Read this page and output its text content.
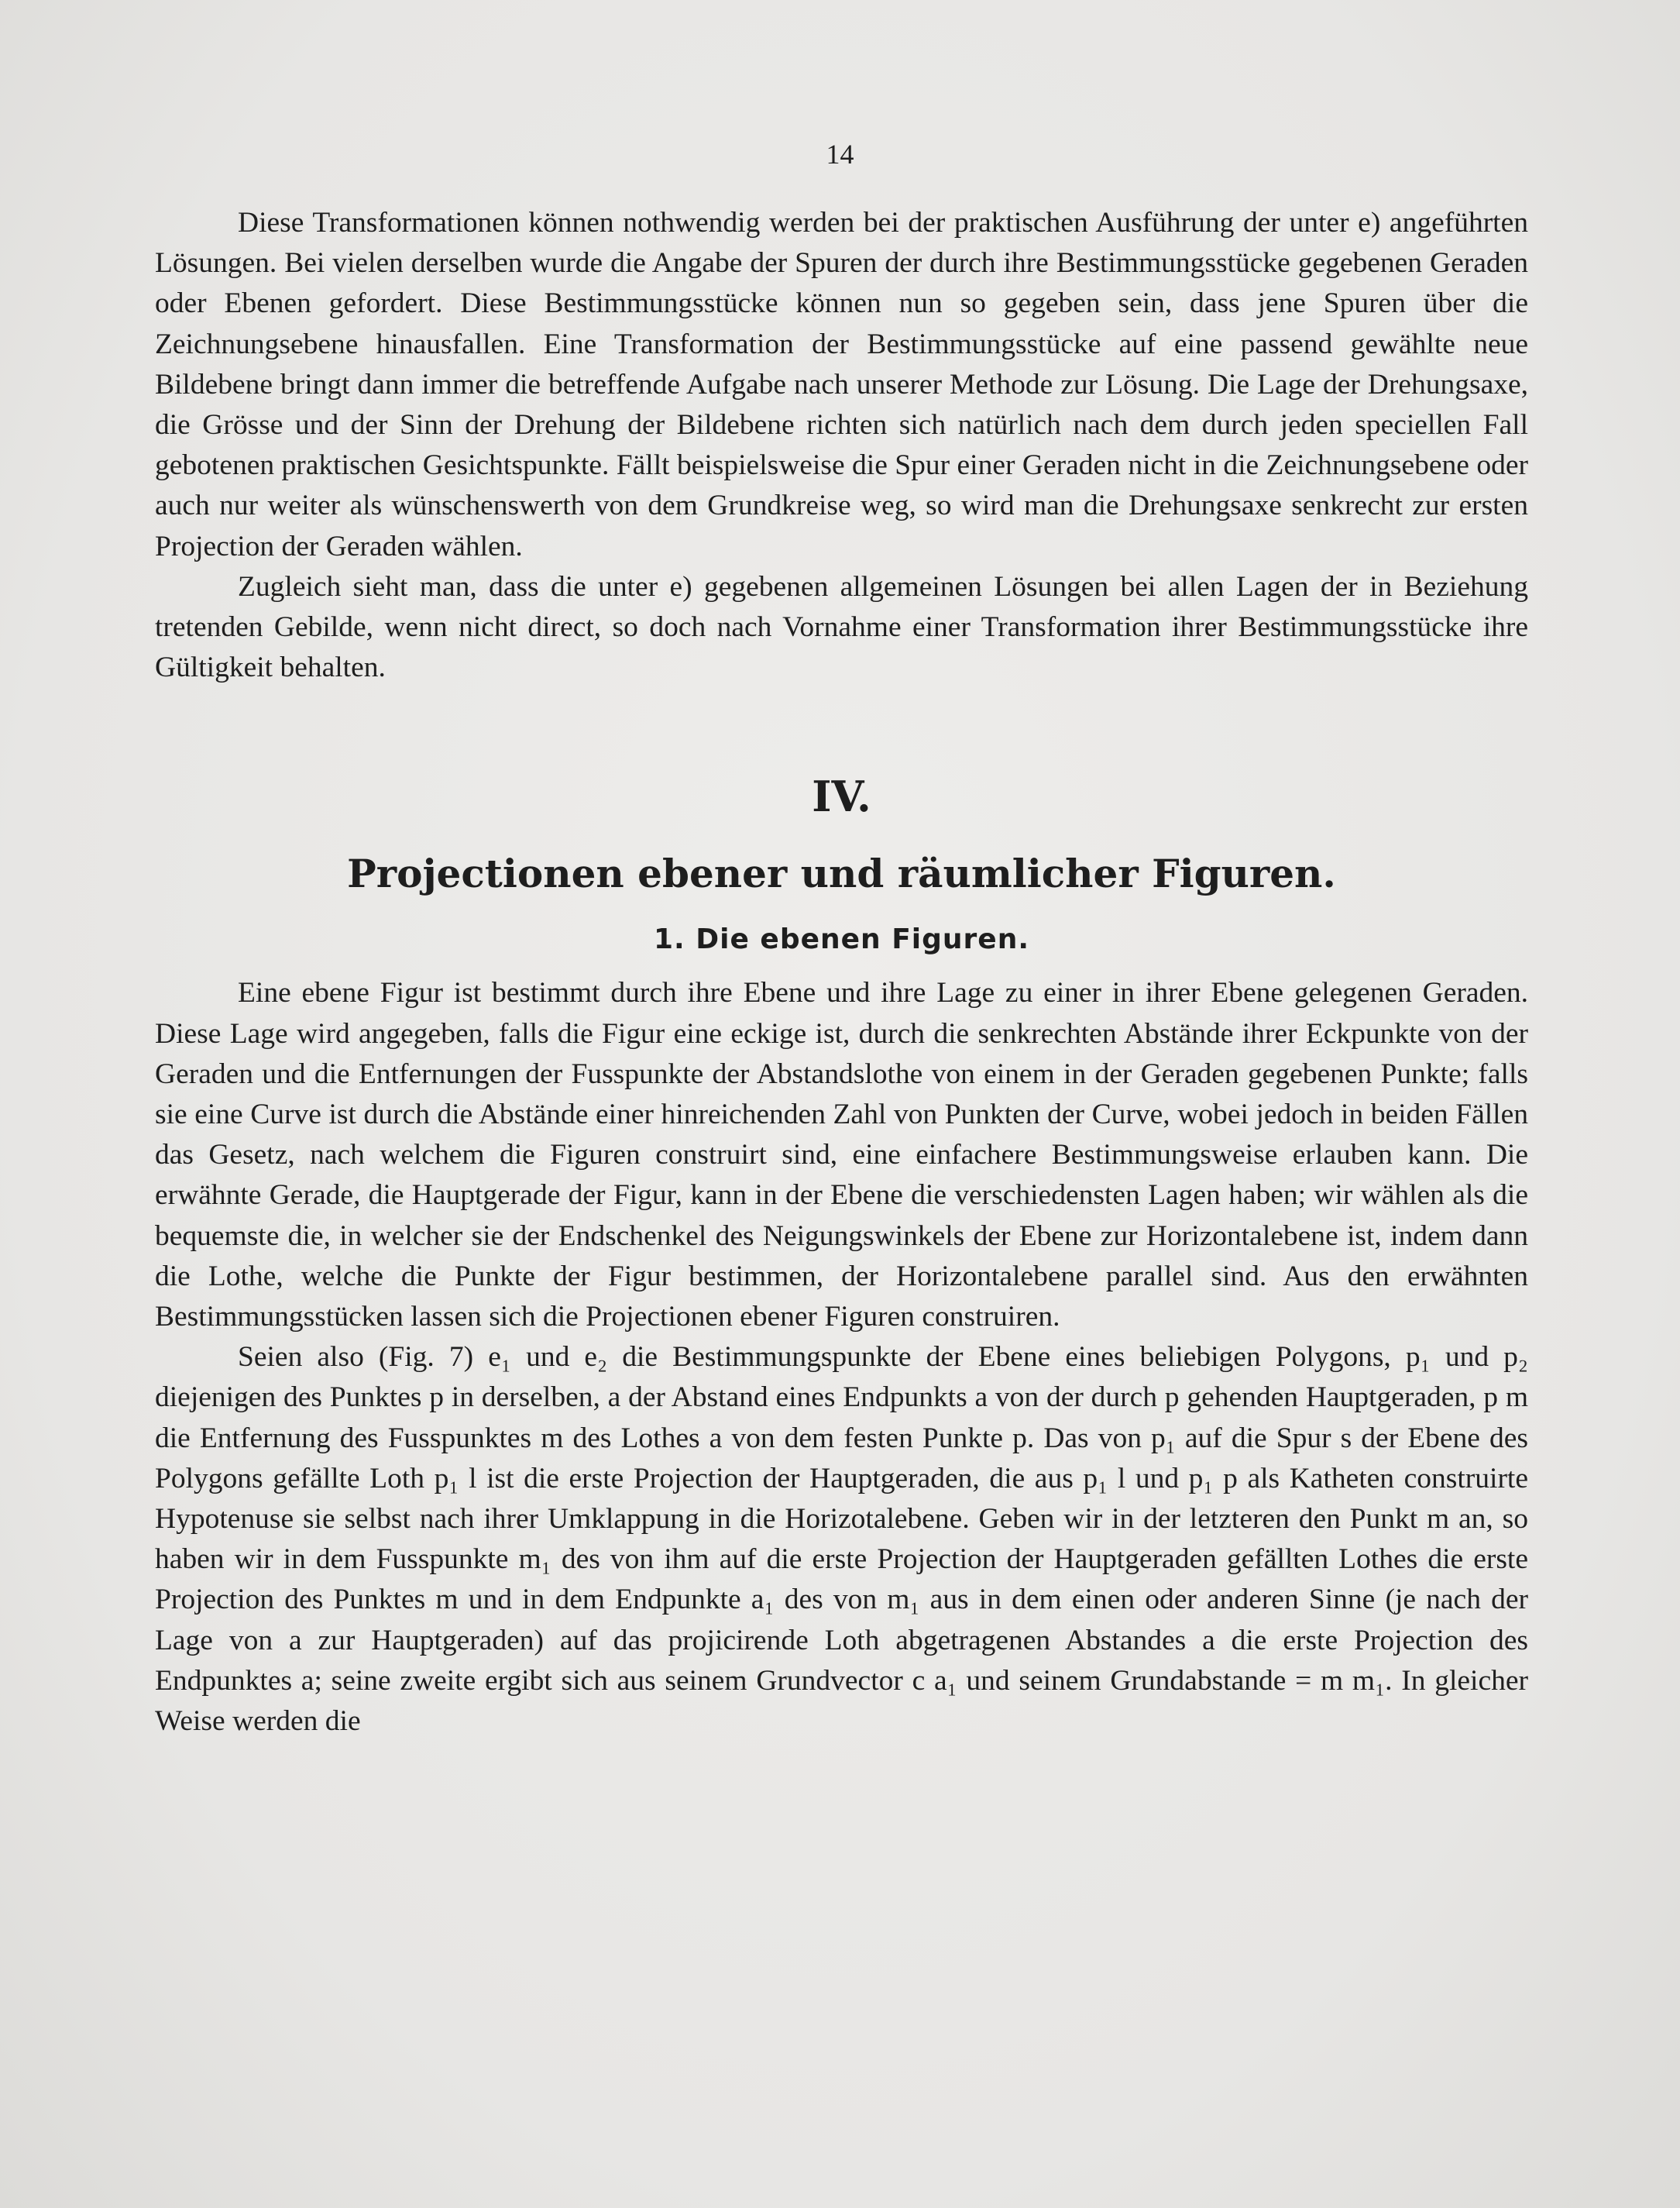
14

Diese Transformationen können nothwendig werden bei der praktischen Ausführung der unter e) angeführten Lösungen. Bei vielen derselben wurde die Angabe der Spuren der durch ihre Bestimmungsstücke gegebenen Geraden oder Ebenen gefordert. Diese Bestimmungsstücke können nun so gegeben sein, dass jene Spuren über die Zeichnungsebene hinausfallen. Eine Transformation der Bestimmungsstücke auf eine passend gewählte neue Bildebene bringt dann immer die betreffende Aufgabe nach unserer Methode zur Lösung. Die Lage der Drehungsaxe, die Grösse und der Sinn der Drehung der Bildebene richten sich natürlich nach dem durch jeden speciellen Fall gebotenen praktischen Gesichtspunkte. Fällt beispielsweise die Spur einer Geraden nicht in die Zeichnungsebene oder auch nur weiter als wünschenswerth von dem Grundkreise weg, so wird man die Drehungsaxe senkrecht zur ersten Projection der Geraden wählen.

Zugleich sieht man, dass die unter e) gegebenen allgemeinen Lösungen bei allen Lagen der in Beziehung tretenden Gebilde, wenn nicht direct, so doch nach Vornahme einer Transformation ihrer Bestimmungsstücke ihre Gültigkeit behalten.

IV.
Projectionen ebener und räumlicher Figuren.
1. Die ebenen Figuren.

Eine ebene Figur ist bestimmt durch ihre Ebene und ihre Lage zu einer in ihrer Ebene gelegenen Geraden. Diese Lage wird angegeben, falls die Figur eine eckige ist, durch die senkrechten Abstände ihrer Eckpunkte von der Geraden und die Entfernungen der Fusspunkte der Abstandslothe von einem in der Geraden gegebenen Punkte; falls sie eine Curve ist durch die Abstände einer hinreichenden Zahl von Punkten der Curve, wobei jedoch in beiden Fällen das Gesetz, nach welchem die Figuren construirt sind, eine einfachere Bestimmungsweise erlauben kann. Die erwähnte Gerade, die Hauptgerade der Figur, kann in der Ebene die verschiedensten Lagen haben; wir wählen als die bequemste die, in welcher sie der Endschenkel des Neigungswinkels der Ebene zur Horizontalebene ist, indem dann die Lothe, welche die Punkte der Figur bestimmen, der Horizontalebene parallel sind. Aus den erwähnten Bestimmungsstücken lassen sich die Projectionen ebener Figuren construiren.

Seien also (Fig. 7) e₁ und e₂ die Bestimmungspunkte der Ebene eines beliebigen Polygons, p₁ und p₂ diejenigen des Punktes p in derselben, a der Abstand eines Endpunkts a von der durch p gehenden Hauptgeraden, p m die Entfernung des Fusspunktes m des Lothes a von dem festen Punkte p. Das von p₁ auf die Spur s der Ebene des Polygons gefällte Loth p₁ l ist die erste Projection der Hauptgeraden, die aus p₁ l und p₁ p als Katheten construirte Hypotenuse sie selbst nach ihrer Umklappung in die Horizotalebene. Geben wir in der letzteren den Punkt m an, so haben wir in dem Fusspunkte m₁ des von ihm auf die erste Projection der Hauptgeraden gefällten Lothes die erste Projection des Punktes m und in dem Endpunkte a₁ des von m₁ aus in dem einen oder anderen Sinne (je nach der Lage von a zur Hauptgeraden) auf das projicirende Loth abgetragenen Abstandes a die erste Projection des Endpunktes a; seine zweite ergibt sich aus seinem Grundvector c a₁ und seinem Grundabstande = m m₁. In gleicher Weise werden die
